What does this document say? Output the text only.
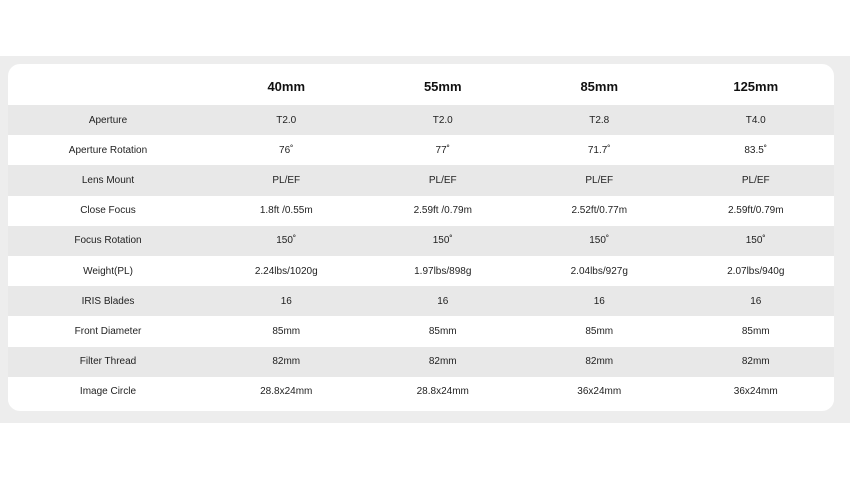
	40mm	55mm	85mm	125mm
Aperture	T2.0	T2.0	T2.8	T4.0
Aperture Rotation	76˚	77˚	71.7˚	83.5˚
Lens Mount	PL/EF	PL/EF	PL/EF	PL/EF
Close Focus	1.8ft /0.55m	2.59ft /0.79m	2.52ft/0.77m	2.59ft/0.79m
Focus Rotation	150˚	150˚	150˚	150˚
Weight(PL)	2.24lbs/1020g	1.97lbs/898g	2.04lbs/927g	2.07lbs/940g
IRIS Blades	16	16	16	16
Front Diameter	85mm	85mm	85mm	85mm
Filter Thread	82mm	82mm	82mm	82mm
Image Circle	28.8x24mm	28.8x24mm	36x24mm	36x24mm
